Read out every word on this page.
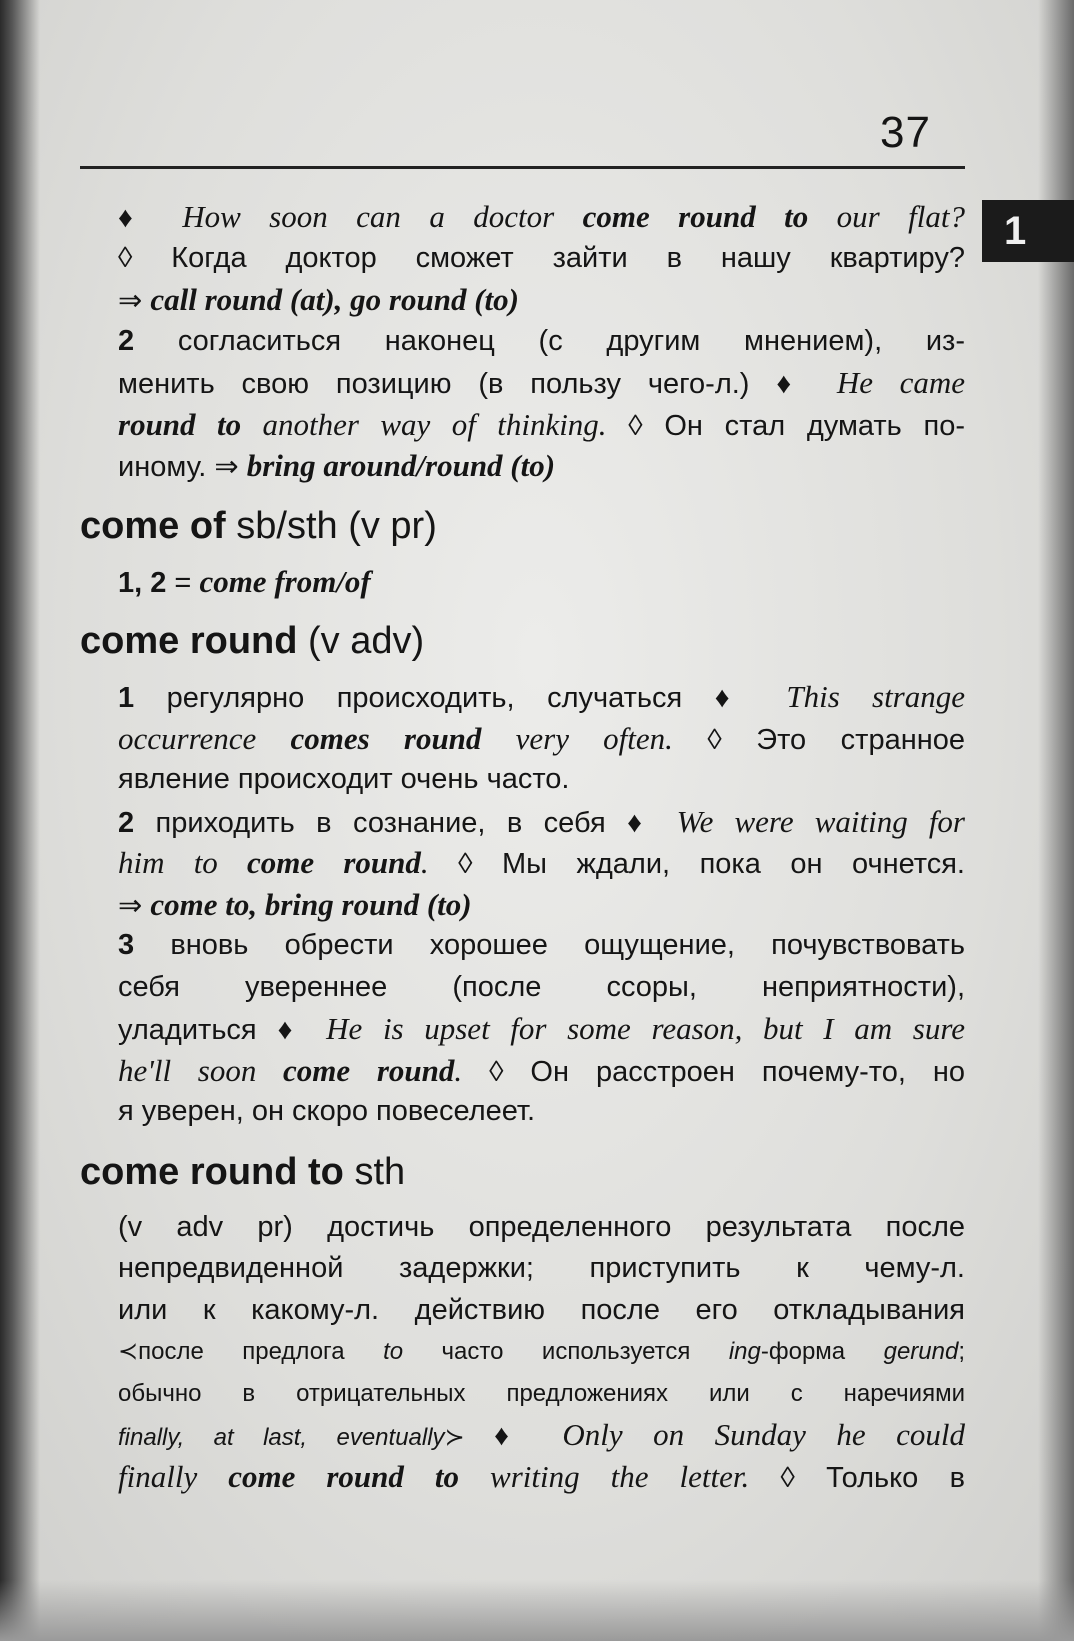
37
1
♦ How soon can a doctor come round to our flat?
◊ Когда доктор сможет зайти в нашу квартиру?
⇒ call round (at), go round (to)
2 согласиться наконец (с другим мнением), из-
менить свою позицию (в пользу чего-л.) ♦ He came
round to another way of thinking. ◊ Он стал думать по-
иному. ⇒ bring around/round (to)
come of sb/sth (v pr)
1, 2 = come from/of
come round (v adv)
1 регулярно происходить, случаться ♦ This strange
occurrence comes round very often. ◊ Это странное
явление происходит очень часто.
2 приходить в сознание, в себя ♦ We were waiting for
him to come round. ◊ Мы ждали, пока он очнется.
⇒ come to, bring round (to)
3 вновь обрести хорошее ощущение, почувствовать
себя увереннее (после ссоры, неприятности),
уладиться ♦ He is upset for some reason, but I am sure
he'll soon come round. ◊ Он расстроен почему-то, но
я уверен, он скоро повеселеет.
come round to sth
(v adv pr) достичь определенного результата после
непредвиденной задержки; приступить к чему-л.
или к какому-л. действию после его откладывания
≺после предлога to часто используется ing-форма gerund;
обычно в отрицательных предложениях или с наречиями
finally, at last, eventually≻ ♦ Only on Sunday he could
finally come round to writing the letter. ◊ Только в
